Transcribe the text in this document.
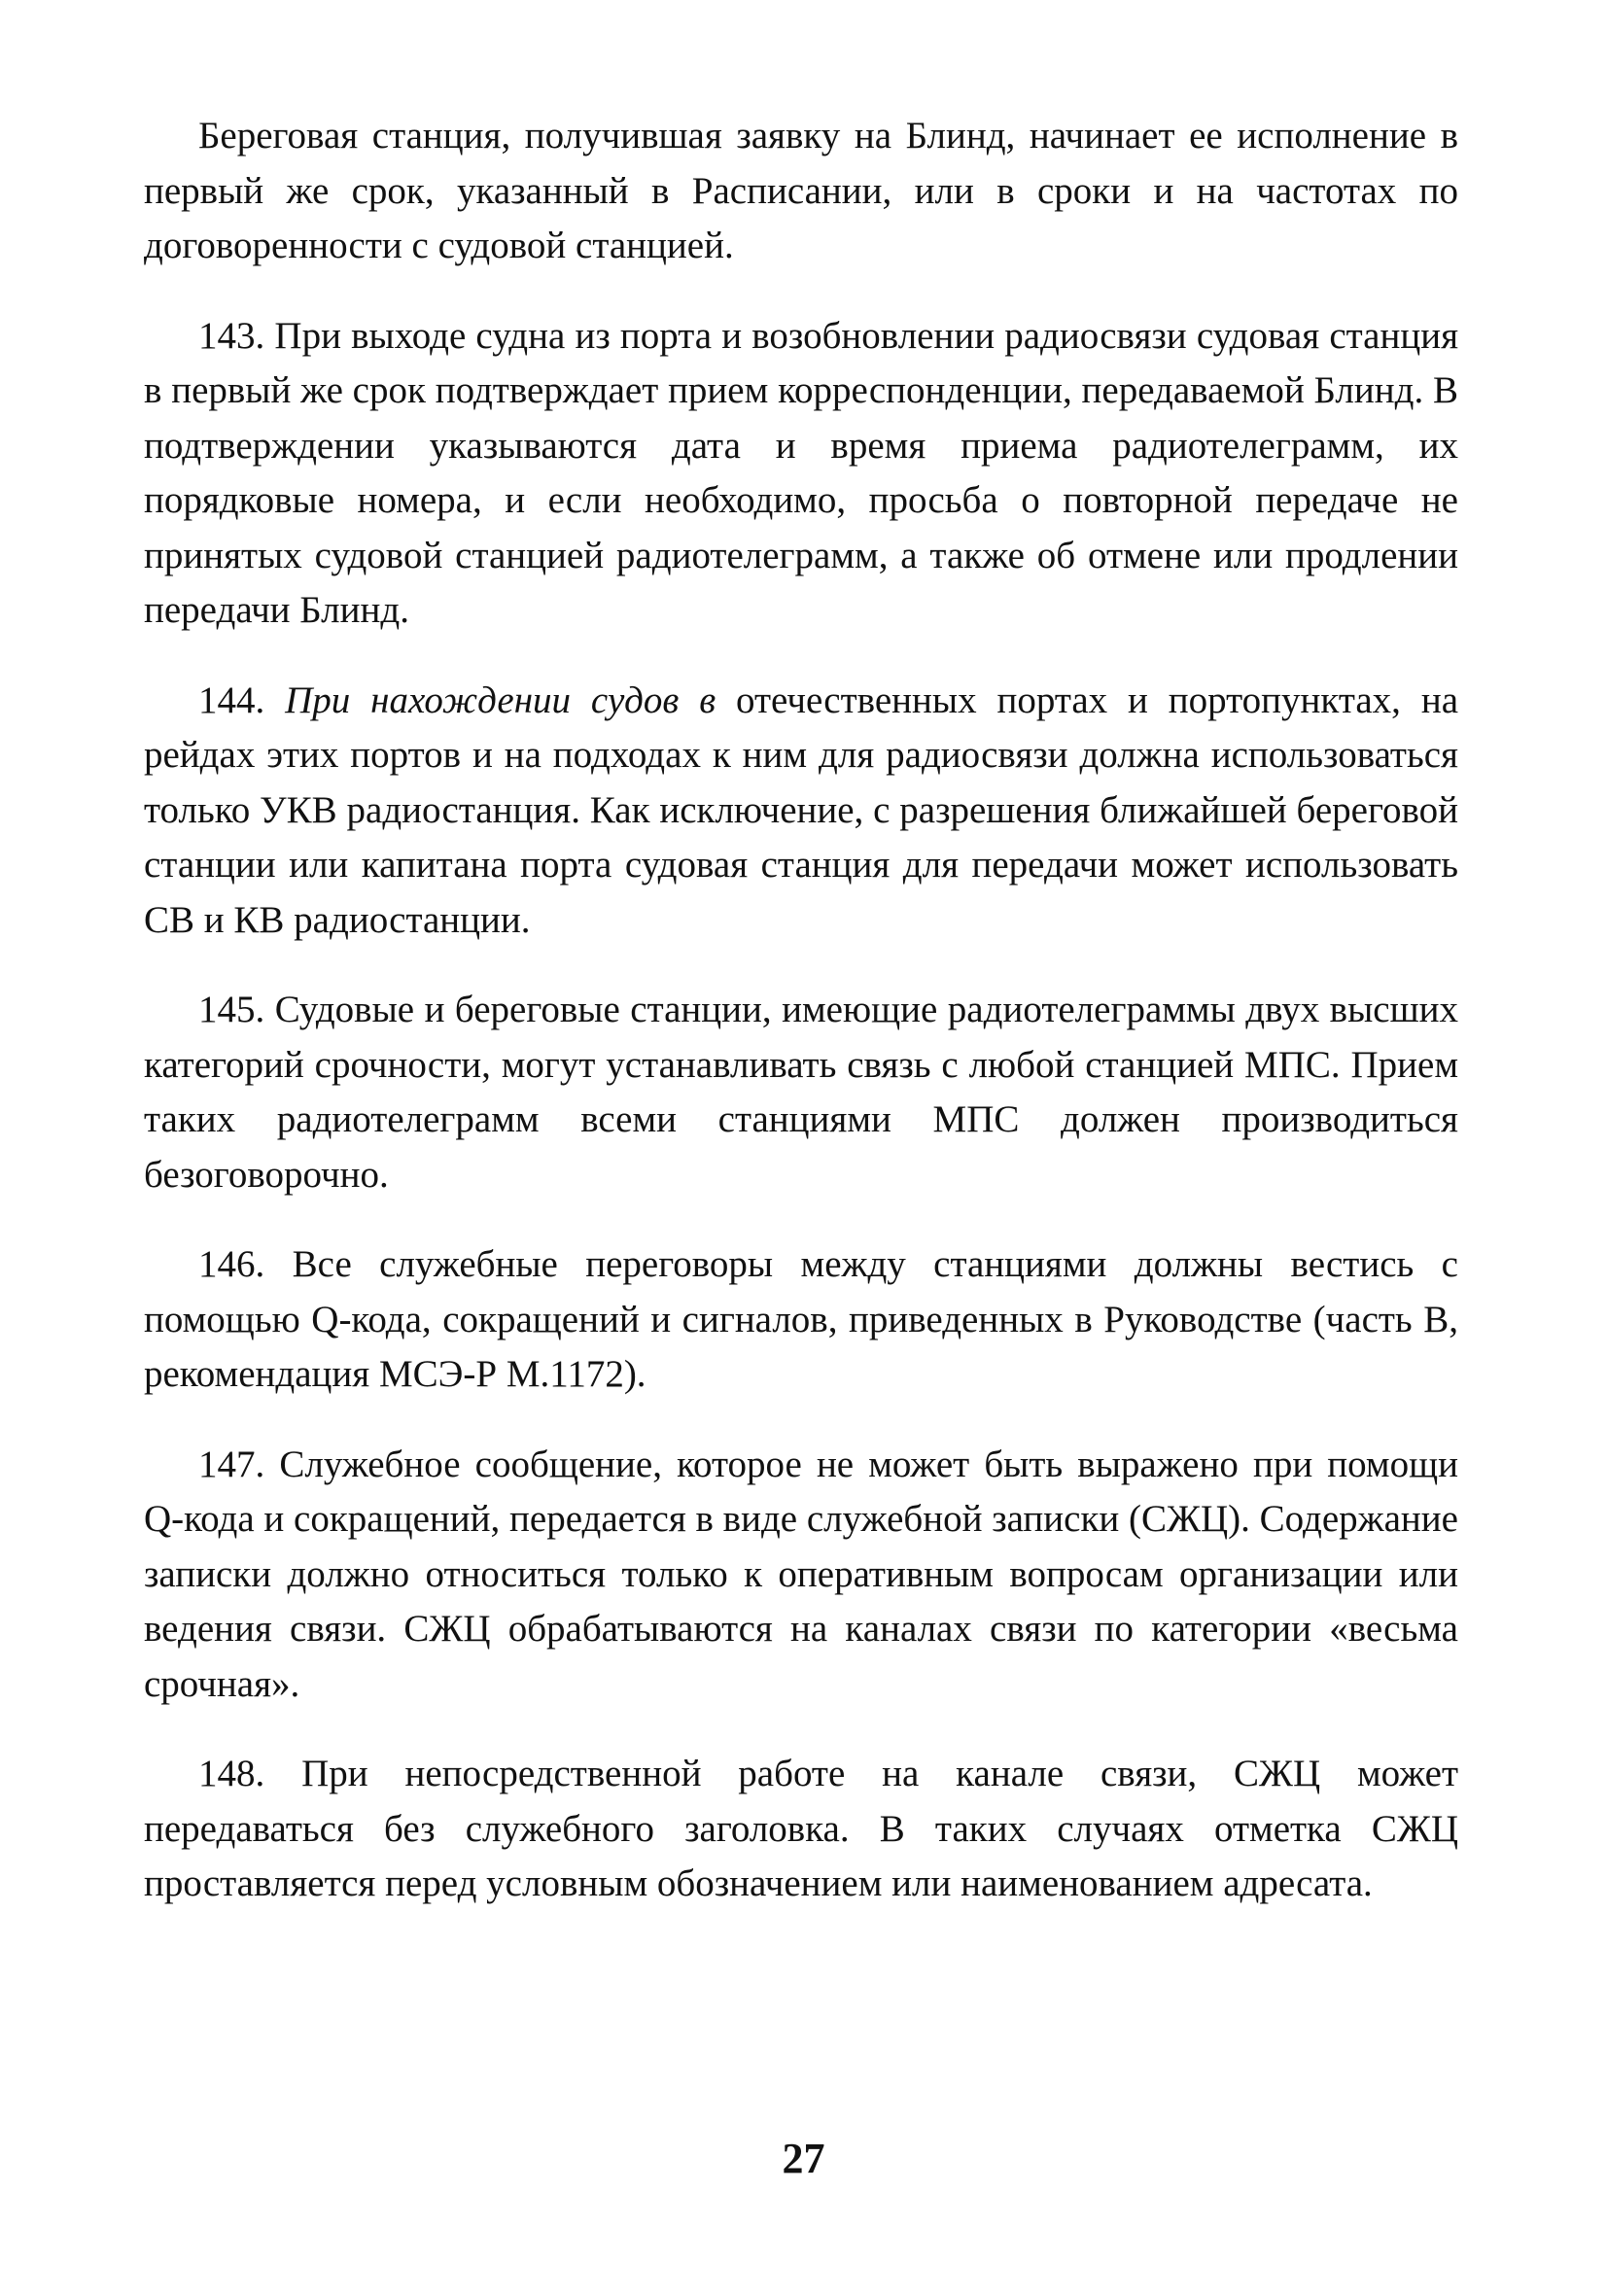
Береговая станция, получившая заявку на Блинд, начинает ее исполнение в первый же срок, указанный в Расписании, или в сроки и на частотах по договоренности с судовой станцией.

143. При выходе судна из порта и возобновлении радиосвязи судовая станция в первый же срок подтверждает прием корреспонденции, передаваемой Блинд. В подтверждении указываются дата и время приема радиотелеграмм, их порядковые номера, и если необходимо, просьба о повторной передаче не принятых судовой станцией радиотелеграмм, а также об отмене или продлении передачи Блинд.

144. При нахождении судов в отечественных портах и портопунктах, на рейдах этих портов и на подходах к ним для радиосвязи должна использоваться только УКВ радиостанция. Как исключение, с разрешения ближайшей береговой станции или капитана порта судовая станция для передачи может использовать СВ и КВ радиостанции.

145. Судовые и береговые станции, имеющие радиотелеграммы двух высших категорий срочности, могут устанавливать связь с любой станцией МПС. Прием таких радиотелеграмм всеми станциями МПС должен производиться безоговорочно.

146. Все служебные переговоры между станциями должны вестись с помощью Q-кода, сокращений и сигналов, приведенных в Руководстве (часть В, рекомендация МСЭ-Р М.1172).

147. Служебное сообщение, которое не может быть выражено при помощи Q-кода и сокращений, передается в виде служебной записки (СЖЦ). Содержание записки должно относиться только к оперативным вопросам организации или ведения связи. СЖЦ обрабатываются на каналах связи по категории «весьма срочная».

148. При непосредственной работе на канале связи, СЖЦ может передаваться без служебного заголовка. В таких случаях отметка СЖЦ проставляется перед условным обозначением или наименованием адресата.

27
